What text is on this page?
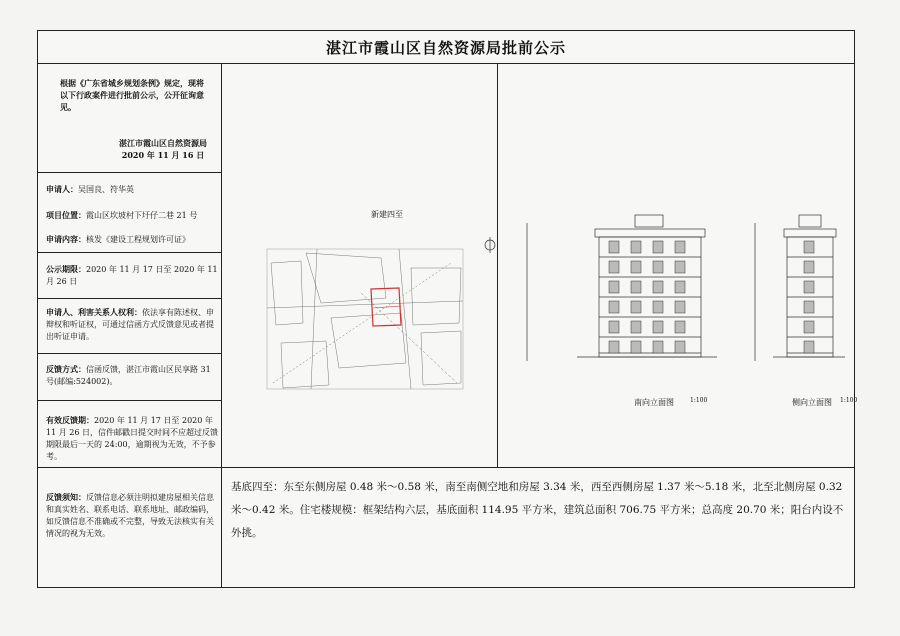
湛江市霞山区自然资源局批前公示
根据《广东省城乡规划条例》规定，现将以下行政案件进行批前公示，公开征询意见。
湛江市霞山区自然资源局
2020 年 11 月 16 日
申请人：吴国良、符华英
项目位置：霞山区坎坡村下圩仔二巷 21 号
申请内容：核发《建设工程规划许可证》
公示期限：2020 年 11 月 17 日至 2020 年 11 月 26 日
申请人、利害关系人权利：依法享有陈述权、申辩权和听证权，可通过信函方式反馈意见或者提出听证申请。
反馈方式：信函反馈，湛江市霞山区民享路 31 号(邮编:524002)。
有效反馈期：2020 年 11 月 17 日至 2020 年 11 月 26 日，信件邮戳日提交时间不应超过反馈期限最后一天的 24:00，逾期视为无效，不予参考。
反馈须知：反馈信息必须注明拟建房屋相关信息和真实姓名、联系电话、联系地址、邮政编码，如反馈信息不准确或不完整，导致无法核实有关情况的视为无效。
新建四至
南向立面图	1:100	侧向立面图 1:100
基底四至：东至东侧房屋 0.48 米～0.58 米，南至南侧空地和房屋 3.34 米，西至西侧房屋 1.37 米～5.18 米，北至北侧房屋 0.32 米～0.42 米。住宅楼规模：框架结构六层，基底面积 114.95 平方米，建筑总面积 706.75 平方米；总高度 20.70 米；阳台内设不外挑。
